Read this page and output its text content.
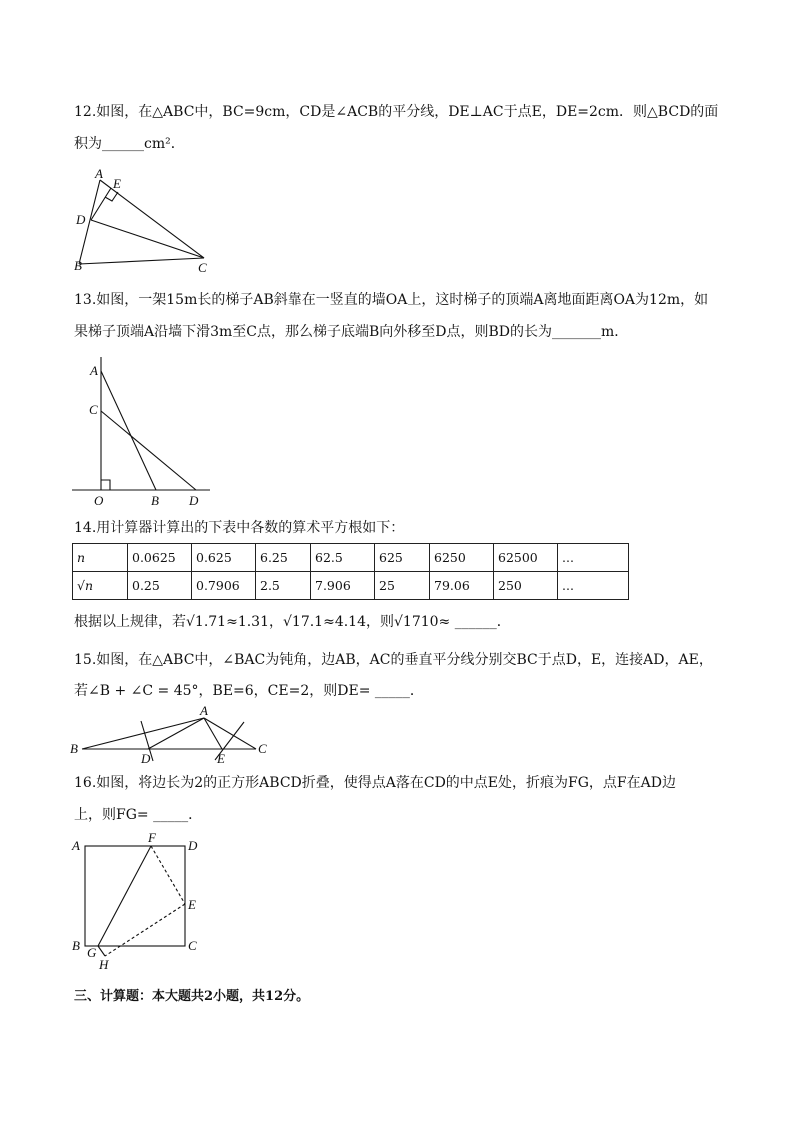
12.如图，在△ABC中，BC=9cm，CD是∠ACB的平分线，DE⊥AC于点E，DE=2cm．则△BCD的面
积为______cm²．
A
E
D
B	C
13.如图，一架15m长的梯子AB斜靠在一竖直的墙OA上，这时梯子的顶端A离地面距离OA为12m，如
果梯子顶端A沿墙下滑3m至C点，那么梯子底端B向外移至D点，则BD的长为_______m．
A
C
O	B D
14.用计算器计算出的下表中各数的算术平方根如下：
n	0.0625	0.625	6.25	62.5	625	6250	62500	...
√n	0.25	0.7906	2.5	7.906	25	79.06	250	...
根据以上规律，若√1.71≈1.31，√17.1≈4.14，则√1710≈ ______．
15.如图，在△ABC中，∠BAC为钝角，边AB，AC的垂直平分线分别交BC于点D，E，连接AD，AE，
若∠B + ∠C = 45°，BE=6，CE=2，则DE= _____．
A
B
D	E
C
16.如图，将边长为2的正方形ABCD折叠，使得点A落在CD的中点E处，折痕为FG，点F在AD边
上，则FG= _____．
A
F
D
E
B G	C
H
三、计算题：本大题共2小题，共12分。
